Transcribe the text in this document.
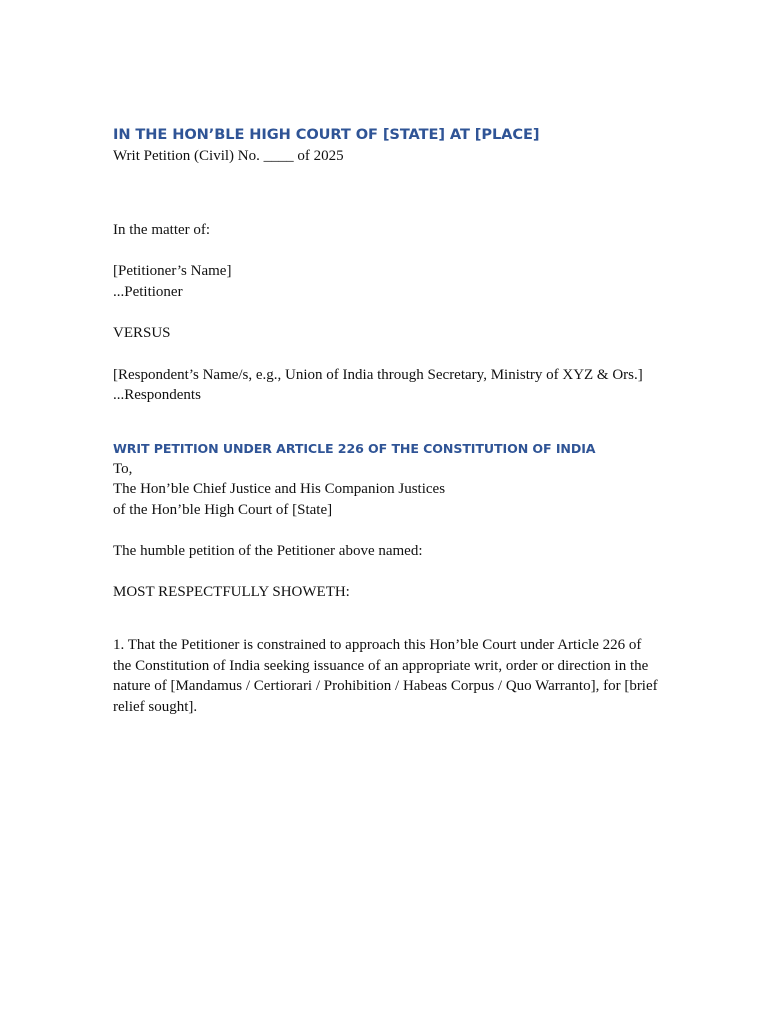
IN THE HON’BLE HIGH COURT OF [STATE] AT [PLACE]

Writ Petition (Civil) No. ____ of 2025

In the matter of:

[Petitioner’s Name]

...Petitioner

VERSUS

[Respondent’s Name/s, e.g., Union of India through Secretary, Ministry of XYZ & Ors.]

...Respondents

WRIT PETITION UNDER ARTICLE 226 OF THE CONSTITUTION OF INDIA

To,

The Hon’ble Chief Justice and His Companion Justices

of the Hon’ble High Court of [State]

The humble petition of the Petitioner above named:

MOST RESPECTFULLY SHOWETH:

1. That the Petitioner is constrained to approach this Hon’ble Court under Article 226 of the Constitution of India seeking issuance of an appropriate writ, order or direction in the nature of [Mandamus / Certiorari / Prohibition / Habeas Corpus / Quo Warranto], for [brief relief sought].
